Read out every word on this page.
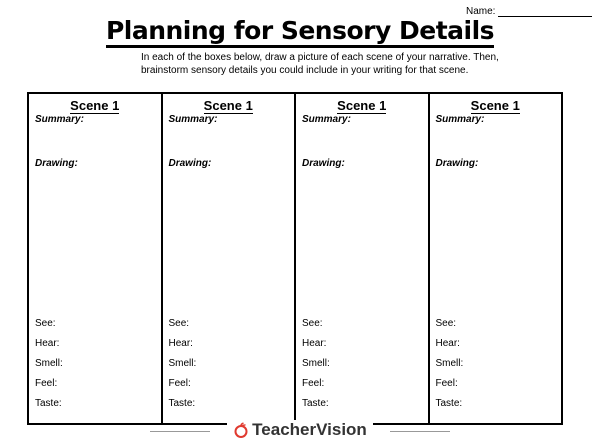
Name:
Planning for Sensory Details
In each of the boxes below, draw a picture of each scene of your narrative. Then, brainstorm sensory details you could include in your writing for that scene.
Scene 1
Summary:
Drawing:
See:
Hear:
Smell:
Feel:
Taste:
Scene 1
Summary:
Drawing:
See:
Hear:
Smell:
Feel:
Taste:
Scene 1
Summary:
Drawing:
See:
Hear:
Smell:
Feel:
Taste:
Scene 1
Summary:
Drawing:
See:
Hear:
Smell:
Feel:
Taste:
TeacherVision
